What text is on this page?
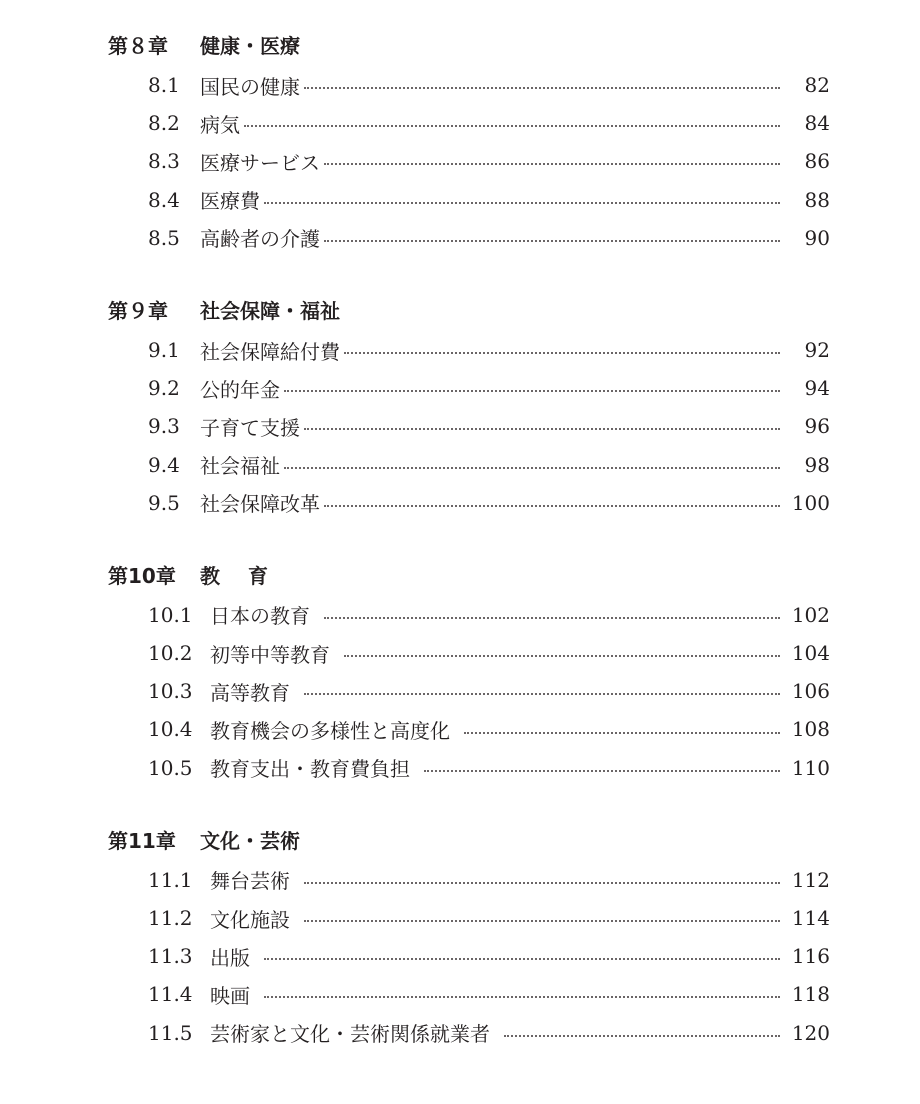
第８章	健康・医療
8.1 国民の健康	82
8.2 病気	84
8.3 医療サービス	86
8.4 医療費	88
8.5 高齢者の介護	90
第９章	社会保障・福祉
9.1 社会保障給付費	92
9.2 公的年金	94
9.3 子育て支援	96
9.4 社会福祉	98
9.5 社会保障改革	100
第10章	教育
10.1 日本の教育	102
10.2 初等中等教育	104
10.3 高等教育	106
10.4 教育機会の多様性と高度化	108
10.5 教育支出・教育費負担	110
第11章	文化・芸術
11.1 舞台芸術	112
11.2 文化施設	114
11.3 出版	116
11.4 映画	118
11.5 芸術家と文化・芸術関係就業者	120
